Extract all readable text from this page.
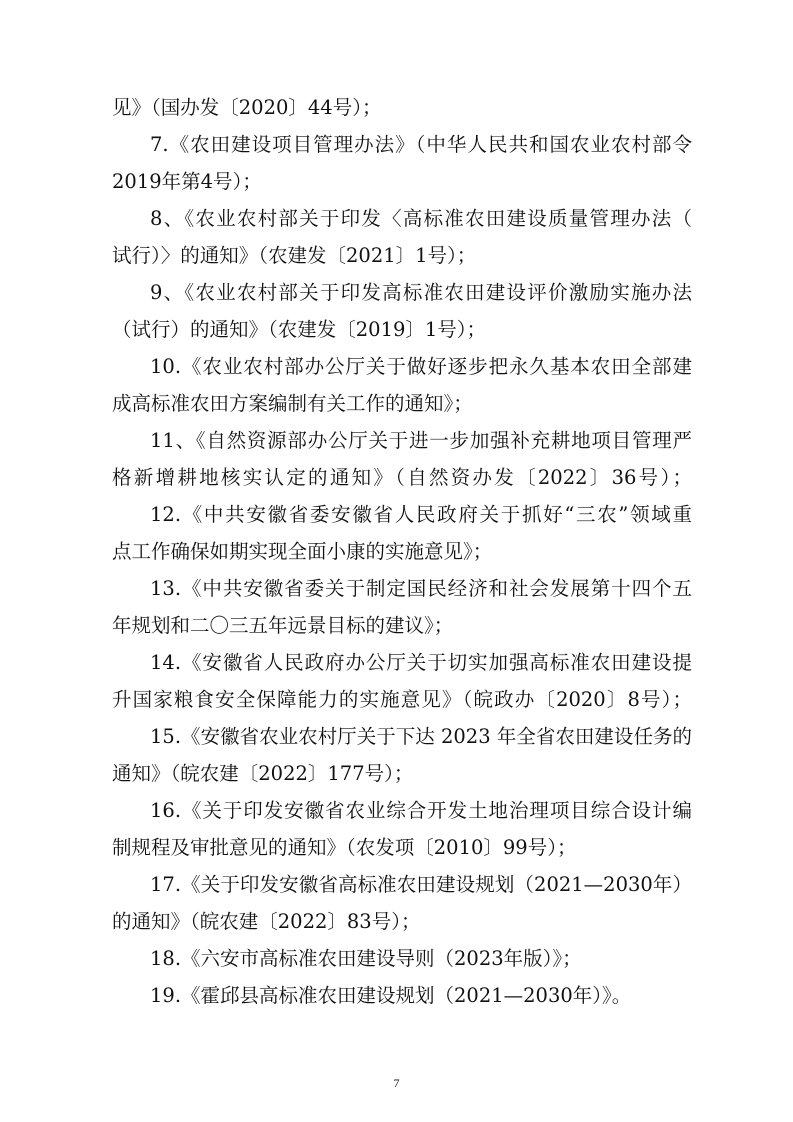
见》（国办发〔2020〕44号）；
7.《农田建设项目管理办法》（中华人民共和国农业农村部令
2019年第4号）；
8、《农业农村部关于印发〈高标准农田建设质量管理办法（
试行）〉的通知》（农建发〔2021〕1号）；
9、《农业农村部关于印发高标准农田建设评价激励实施办法
（试行）的通知》（农建发〔2019〕1号）；
10.《农业农村部办公厅关于做好逐步把永久基本农田全部建
成高标准农田方案编制有关工作的通知》；
11、《自然资源部办公厅关于进一步加强补充耕地项目管理严
格新增耕地核实认定的通知》（自然资办发〔2022〕36号）；
12.《中共安徽省委安徽省人民政府关于抓好“三农”领域重
点工作确保如期实现全面小康的实施意见》；
13.《中共安徽省委关于制定国民经济和社会发展第十四个五
年规划和二〇三五年远景目标的建议》；
14.《安徽省人民政府办公厅关于切实加强高标准农田建设提
升国家粮食安全保障能力的实施意见》（皖政办〔2020〕8号）；
15.《安徽省农业农村厅关于下达 2023 年全省农田建设任务的
通知》（皖农建〔2022〕177号）；
16.《关于印发安徽省农业综合开发土地治理项目综合设计编
制规程及审批意见的通知》（农发项〔2010〕99号）；
17.《关于印发安徽省高标准农田建设规划（2021—2030年）
的通知》（皖农建〔2022〕83号）；
18.《六安市高标准农田建设导则（2023年版）》；
19.《霍邱县高标准农田建设规划（2021—2030年）》。
7
